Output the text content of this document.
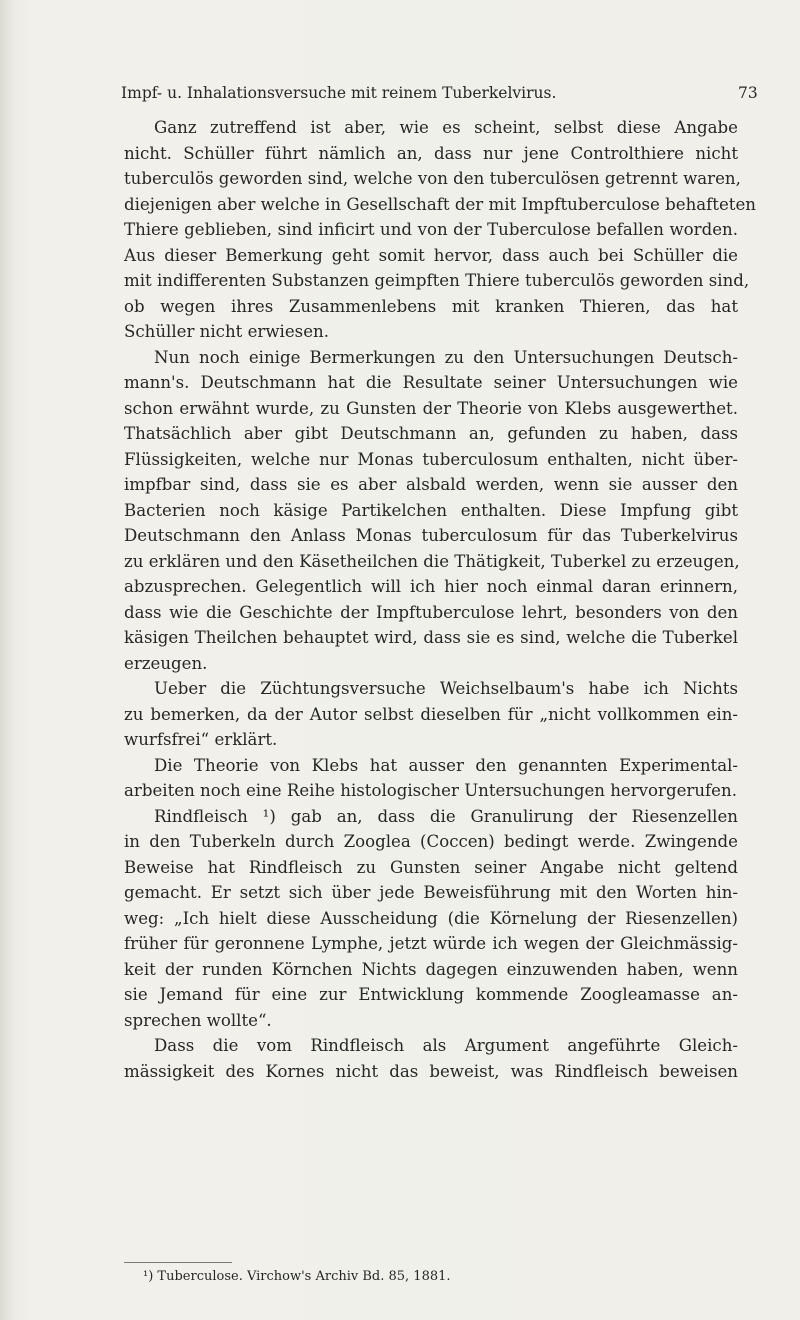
Impf- u. Inhalationsversuche mit reinem Tuberkelvirus.	73
Ganz zutreffend ist aber, wie es scheint, selbst diese Angabe
nicht. Schüller führt nämlich an, dass nur jene Controlthiere nicht
tuberculös geworden sind, welche von den tuberculösen getrennt waren,
diejenigen aber welche in Gesellschaft der mit Impftuberculose behafteten
Thiere geblieben, sind inficirt und von der Tuberculose befallen worden.
Aus dieser Bemerkung geht somit hervor, dass auch bei Schüller die
mit indifferenten Substanzen geimpften Thiere tuberculös geworden sind,
ob wegen ihres Zusammenlebens mit kranken Thieren, das hat
Schüller nicht erwiesen.
Nun noch einige Bermerkungen zu den Untersuchungen Deutsch-
mann's. Deutschmann hat die Resultate seiner Untersuchungen wie
schon erwähnt wurde, zu Gunsten der Theorie von Klebs ausgewerthet.
Thatsächlich aber gibt Deutschmann an, gefunden zu haben, dass
Flüssigkeiten, welche nur Monas tuberculosum enthalten, nicht über-
impfbar sind, dass sie es aber alsbald werden, wenn sie ausser den
Bacterien noch käsige Partikelchen enthalten. Diese Impfung gibt
Deutschmann den Anlass Monas tuberculosum für das Tuberkelvirus
zu erklären und den Käsetheilchen die Thätigkeit, Tuberkel zu erzeugen,
abzusprechen. Gelegentlich will ich hier noch einmal daran erinnern,
dass wie die Geschichte der Impftuberculose lehrt, besonders von den
käsigen Theilchen behauptet wird, dass sie es sind, welche die Tuberkel
erzeugen.
Ueber die Züchtungsversuche Weichselbaum's habe ich Nichts
zu bemerken, da der Autor selbst dieselben für „nicht vollkommen ein-
wurfsfrei“ erklärt.
Die Theorie von Klebs hat ausser den genannten Experimental-
arbeiten noch eine Reihe histologischer Untersuchungen hervorgerufen.
Rindfleisch ¹) gab an, dass die Granulirung der Riesenzellen
in den Tuberkeln durch Zooglea (Coccen) bedingt werde. Zwingende
Beweise hat Rindfleisch zu Gunsten seiner Angabe nicht geltend
gemacht. Er setzt sich über jede Beweisführung mit den Worten hin-
weg: „Ich hielt diese Ausscheidung (die Körnelung der Riesenzellen)
früher für geronnene Lymphe, jetzt würde ich wegen der Gleichmässig-
keit der runden Körnchen Nichts dagegen einzuwenden haben, wenn
sie Jemand für eine zur Entwicklung kommende Zoogleamasse an-
sprechen wollte“.
Dass die vom Rindfleisch als Argument angeführte Gleich-
mässigkeit des Kornes nicht das beweist, was Rindfleisch beweisen
¹) Tuberculose. Virchow's Archiv Bd. 85, 1881.
